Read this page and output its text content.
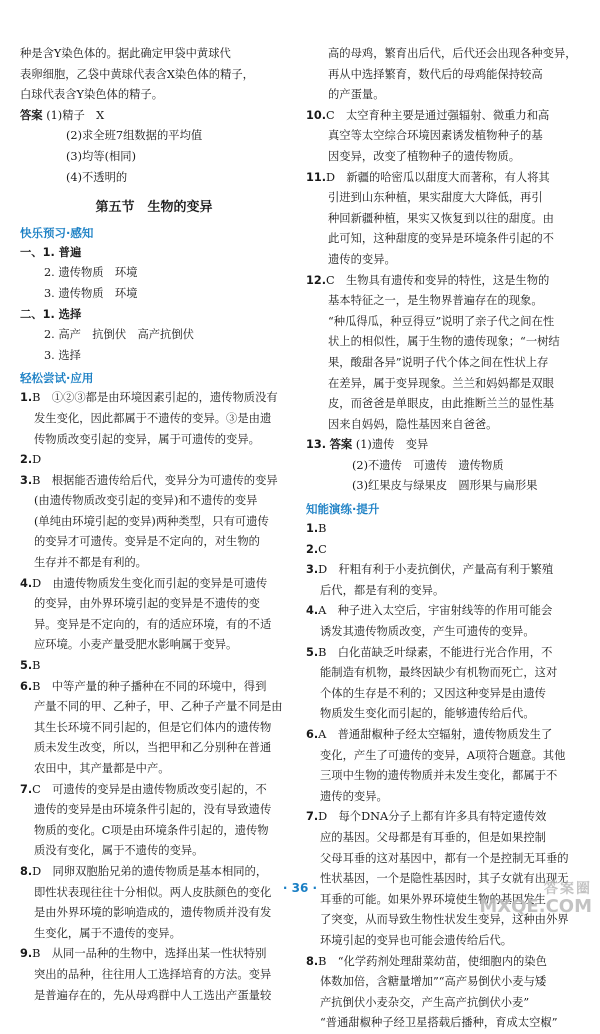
种是含Y染色体的。据此确定甲袋中黄球代

表卵细胞，乙袋中黄球代表含X染色体的精子，

白球代表含Y染色体的精子。

答案 (1)精子　X

(2)求全班7组数据的平均值

(3)均等(相同)

(4)不透明的

第五节　生物的变异
快乐预习·感知

一、1. 普遍

2. 遗传物质　环境

3. 遗传物质　环境

二、1. 选择

2. 高产　抗倒伏　高产抗倒伏

3. 选择

轻松尝试·应用

1.B　①②③都是由环境因素引起的，遗传物质没有

发生变化，因此都属于不遗传的变异。③是由遗

传物质改变引起的变异，属于可遗传的变异。

2.D

3.B　根据能否遗传给后代，变异分为可遗传的变异

(由遗传物质改变引起的变异)和不遗传的变异

(单纯由环境引起的变异)两种类型，只有可遗传

的变异才可遗传。变异是不定向的，对生物的

生存并不都是有利的。

4.D　由遗传物质发生变化而引起的变异是可遗传

的变异，由外界环境引起的变异是不遗传的变

异。变异是不定向的，有的适应环境，有的不适

应环境。小麦产量受肥水影响属于变异。

5.B

6.B　中等产量的种子播种在不同的环境中，得到

产量不同的甲、乙种子，甲、乙种子产量不同是由

其生长环境不同引起的，但是它们体内的遗传物

质未发生改变，所以，当把甲和乙分别种在普通

农田中，其产量都是中产。

7.C　可遗传的变异是由遗传物质改变引起的，不

遗传的变异是由环境条件引起的，没有导致遗传

物质的变化。C项是由环境条件引起的，遗传物

质没有变化，属于不遗传的变异。

8.D　同卵双胞胎兄弟的遗传物质是基本相同的，

即性状表现往往十分相似。两人皮肤颜色的变化

是由外界环境的影响造成的，遗传物质并没有发

生变化，属于不遗传的变异。

9.B　从同一品种的生物中，选择出某一性状特别

突出的品种，往往用人工选择培育的方法。变异

是普遍存在的，先从母鸡群中人工选出产蛋量较

高的母鸡，繁育出后代，后代还会出现各种变异，

再从中选择繁育，数代后的母鸡能保持较高

的产蛋量。

10.C　太空育种主要是通过强辐射、微重力和高

真空等太空综合环境因素诱发植物种子的基

因变异，改变了植物种子的遗传物质。

11.D　新疆的哈密瓜以甜度大而著称，有人将其

引进到山东种植，果实甜度大大降低，再引

种回新疆种植，果实又恢复到以往的甜度。由

此可知，这种甜度的变异是环境条件引起的不

遗传的变异。

12.C　生物具有遗传和变异的特性，这是生物的

基本特征之一，是生物界普遍存在的现象。

“种瓜得瓜，种豆得豆”说明了亲子代之间在性

状上的相似性，属于生物的遗传现象；“一树结

果，酸甜各异”说明子代个体之间在性状上存

在差异，属于变异现象。兰兰和妈妈都是双眼

皮，而爸爸是单眼皮，由此推断兰兰的显性基

因来自妈妈，隐性基因来自爸爸。

13. 答案 (1)遗传　变异

(2)不遗传　可遗传　遗传物质

(3)红果皮与绿果皮　圆形果与扁形果

知能演练·提升

1.B

2.C

3.D　秆粗有利于小麦抗倒伏，产量高有利于繁殖

后代，都是有利的变异。

4.A　种子进入太空后，宇宙射线等的作用可能会

诱发其遗传物质改变，产生可遗传的变异。

5.B　白化苗缺乏叶绿素，不能进行光合作用，不

能制造有机物，最终因缺少有机物而死亡，这对

个体的生存是不利的；又因这种变异是由遗传

物质发生变化而引起的，能够遗传给后代。

6.A　普通甜椒种子经太空辐射，遗传物质发生了

变化，产生了可遗传的变异，A项符合题意。其他

三项中生物的遗传物质并未发生变化，都属于不

遗传的变异。

7.D　每个DNA分子上都有许多具有特定遗传效

应的基因。父母都是有耳垂的，但是如果控制

父母耳垂的这对基因中，都有一个是控制无耳垂的

性状基因，一个是隐性基因时，其子女就有出现无

耳垂的可能。如果外界环境使生物的基因发生

了突变，从而导致生物性状发生变异，这种由外界

环境引起的变异也可能会遗传给后代。

8.B　“化学药剂处理甜菜幼苗，使细胞内的染色

体数加倍，含糖量增加”“高产易倒伏小麦与矮

产抗倒伏小麦杂交，产生高产抗倒伏小麦”

“普通甜椒种子经卫星搭载后播种，育成太空椒”

· 36 ·	答案圈
MXQE.COM
